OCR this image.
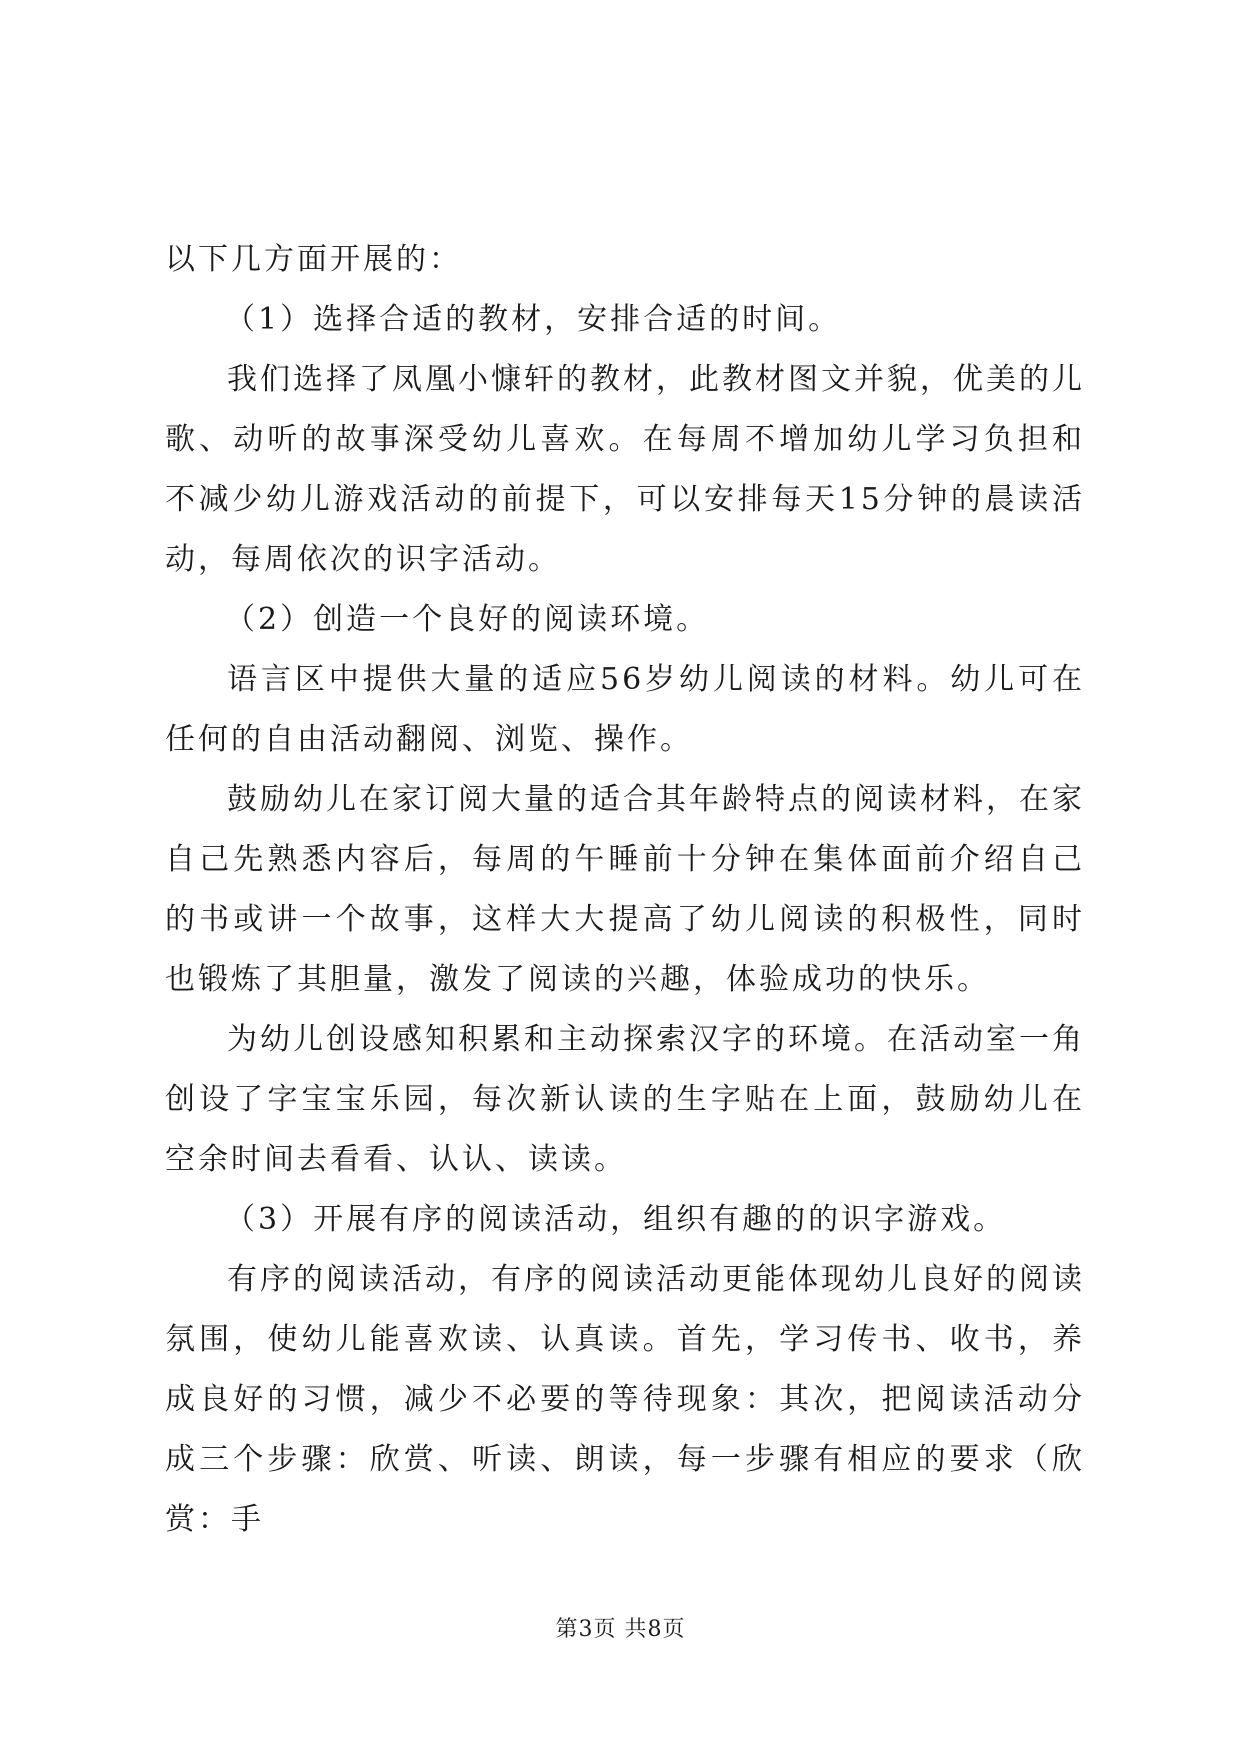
以下几方面开展的：

（1）选择合适的教材，安排合适的时间。

我们选择了凤凰小慷轩的教材，此教材图文并貌，优美的儿歌、动听的故事深受幼儿喜欢。在每周不增加幼儿学习负担和不减少幼儿游戏活动的前提下，可以安排每天15分钟的晨读活动，每周依次的识字活动。

（2）创造一个良好的阅读环境。

语言区中提供大量的适应56岁幼儿阅读的材料。幼儿可在任何的自由活动翻阅、浏览、操作。

鼓励幼儿在家订阅大量的适合其年龄特点的阅读材料，在家自己先熟悉内容后，每周的午睡前十分钟在集体面前介绍自己的书或讲一个故事，这样大大提高了幼儿阅读的积极性，同时也锻炼了其胆量，激发了阅读的兴趣，体验成功的快乐。

为幼儿创设感知积累和主动探索汉字的环境。在活动室一角创设了字宝宝乐园，每次新认读的生字贴在上面，鼓励幼儿在空余时间去看看、认认、读读。

（3）开展有序的阅读活动，组织有趣的的识字游戏。

有序的阅读活动，有序的阅读活动更能体现幼儿良好的阅读氛围，使幼儿能喜欢读、认真读。首先，学习传书、收书，养成良好的习惯，减少不必要的等待现象：其次，把阅读活动分成三个步骤：欣赏、听读、朗读，每一步骤有相应的要求（欣赏：手

第3页 共8页
